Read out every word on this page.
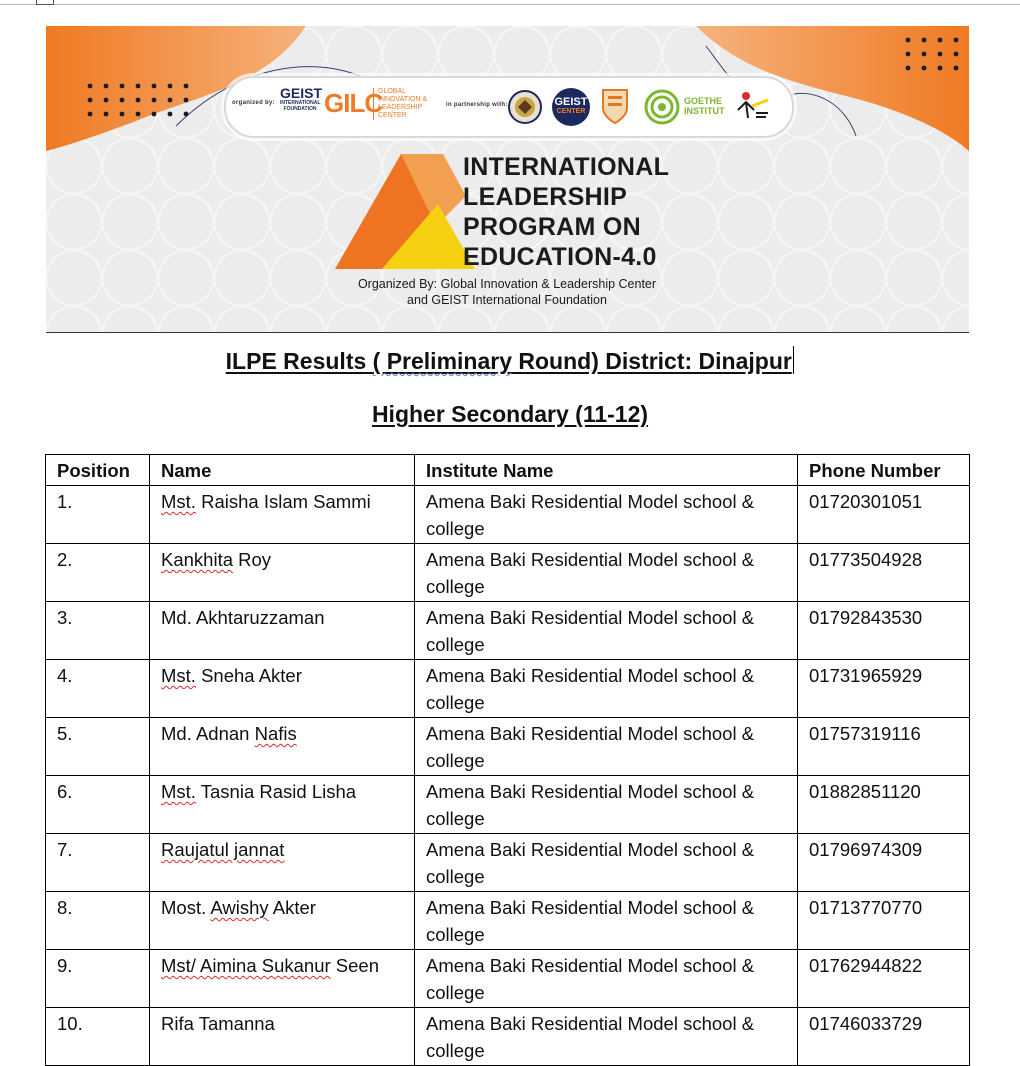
organized by:
GEIST
INTERNATIONAL FOUNDATION GILC
GLOBAL
INNOVATION &
LEADERSHIP
CENTER
in partnership with:	GEIST
CENTER
GOETHE
INSTITUT
INTERNATIONAL
LEADERSHIP
PROGRAM ON
EDUCATION-4.0
Organized By: Global Innovation & Leadership Center
and GEIST International Foundation
ILPE Results ( Preliminary Round) District: Dinajpur
Higher Secondary (11-12)
Position	Name	Institute Name	Phone Number
1.	Mst. Raisha Islam Sammi	Amena Baki Residential Model school & college	01720301051
2.	Kankhita Roy	Amena Baki Residential Model school & college	01773504928
3.	Md. Akhtaruzzaman	Amena Baki Residential Model school & college	01792843530
4.	Mst. Sneha Akter	Amena Baki Residential Model school & college	01731965929
5.	Md. Adnan Nafis	Amena Baki Residential Model school & college	01757319116
6.	Mst. Tasnia Rasid Lisha	Amena Baki Residential Model school & college	01882851120
7.	Raujatul jannat	Amena Baki Residential Model school & college	01796974309
8.	Most. Awishy Akter	Amena Baki Residential Model school & college	01713770770
9.	Mst/ Aimina Sukanur Seen	Amena Baki Residential Model school & college	01762944822
10.	Rifa Tamanna	Amena Baki Residential Model school & college	01746033729
